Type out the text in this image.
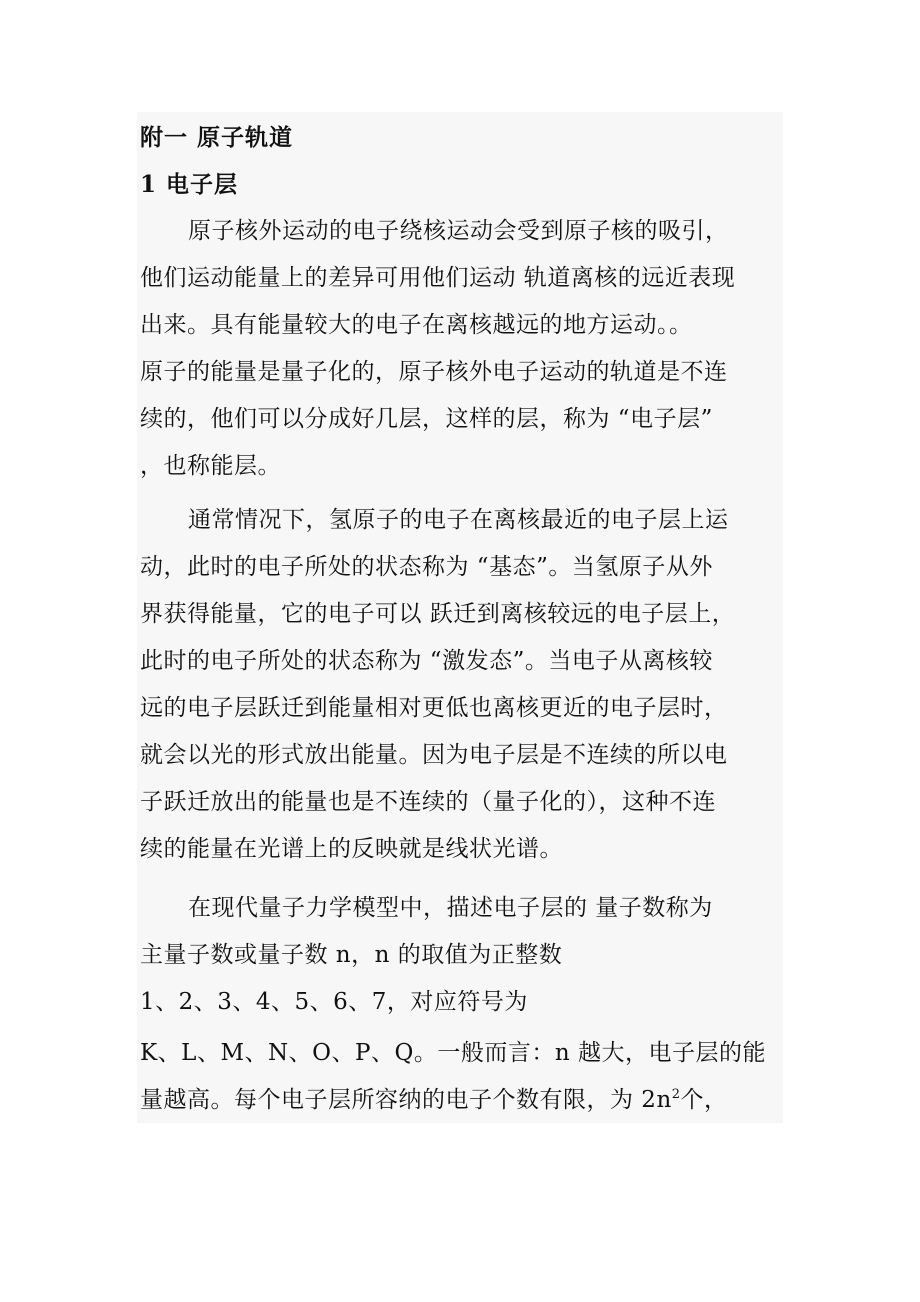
附一 原子轨道
1 电子层
原子核外运动的电子绕核运动会受到原子核的吸引，
他们运动能量上的差异可用他们运动 轨道离核的远近表现
出来。具有能量较大的电子在离核越远的地方运动。。
原子的能量是量子化的，原子核外电子运动的轨道是不连
续的，他们可以分成好几层，这样的层，称为 “电子层”
，也称能层。
通常情况下，氢原子的电子在离核最近的电子层上运
动，此时的电子所处的状态称为 “基态”。当氢原子从外
界获得能量，它的电子可以 跃迁到离核较远的电子层上，
此时的电子所处的状态称为 “激发态”。当电子从离核较
远的电子层跃迁到能量相对更低也离核更近的电子层时，
就会以光的形式放出能量。因为电子层是不连续的所以电
子跃迁放出的能量也是不连续的（量子化的），这种不连
续的能量在光谱上的反映就是线状光谱。
在现代量子力学模型中，描述电子层的 量子数称为
主量子数或量子数 n，n 的取值为正整数
1、2、3、4、5、6、7，对应符号为
K、L、M、N、O、P、Q。一般而言：n 越大，电子层的能
量越高。每个电子层所容纳的电子个数有限，为 $2n^2$个，
